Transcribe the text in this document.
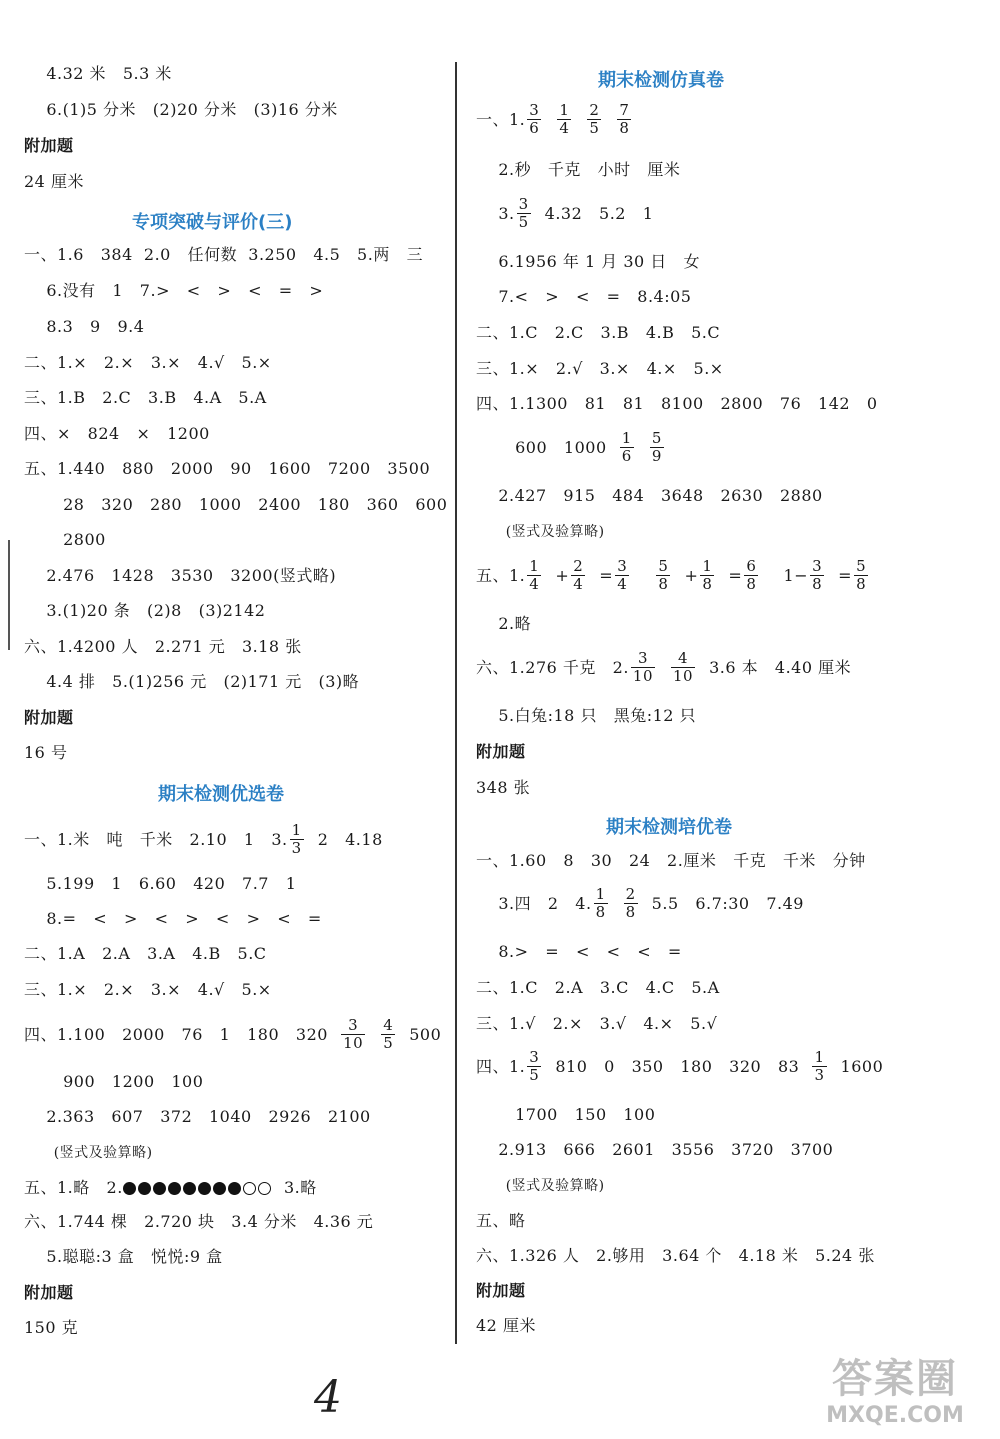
专项突破与评价(三)
期末检测优选卷
4.32 米   5.3 米
6.(1)5 分米   (2)20 分米   (3)16 分米
附加题
24 厘米
一、1.6   384  2.0   任何数  3.250   4.5   5.两   三
6.没有   1   7.>   <   >   <   =   >
8.3   9   9.4
二、1.×   2.×   3.×   4.√   5.×
三、1.B   2.C   3.B   4.A   5.A
四、×   824   ×   1200
五、1.440   880   2000   90   1600   7200   3500
28   320   280   1000   2400   180   360   600
2800
2.476   1428   3530   3200(竖式略)
3.(1)20 条   (2)8   (3)2142
六、1.4200 人   2.271 元   3.18 张
4.4 排   5.(1)256 元   (2)171 元   (3)略
附加题
16 号
一、1.米   吨   千米   2.10   1   3. $\frac{1}{3} 2$   4.18
5.199   1   6.60   420   7.7   1
8.=   <   >   <   >   <   >   <   =
二、1.A   2.A   3.A   4.B   5.C
三、1.×   2.×   3.×   4.√   5.×
四、1.100   2000   76   1   180   $320 \frac{3}{10} \frac{4}{5} 500$
900   1200   100
2.363   607   372   1040   2926   2100
(竖式及验算略)
五、1.略   2.	3.略
六、1.744 棵   2.720 块   3.4 分米   4.36 元
5.聪聪:3 盒   悦悦:9 盒
附加题
150 克
期末检测仿真卷
期末检测培优卷
一、1. $\frac{3}{6} \frac{1}{4} \frac{2}{5} \frac{7}{8}$
2.秒   千克   小时   厘米
3. $\frac{3}{5} 4.32$   5.2   1
6.1956 年 1 月 30 日   女
7.<   >   <   =   8.4:05
二、1.C   2.C   3.B   4.B   5.C
三、1.×   2.√   3.×   4.×   5.×
四、1.1300   81   81   8100   2800   76   142   0
600   $1000 \frac{1}{6} \frac{5}{9}$
2.427   915   484   3648   2630   2880
(竖式及验算略)
五、1. $\frac{1}{4} + \frac{2}{4} = \frac{3}{4}$
$\frac{5}{8} + \frac{1}{8} = \frac{6}{8} 1- \frac{3}{8} = \frac{5}{8}$
2.略
六、1.276 千克   2. $\frac{3}{10} \frac{4}{10} 3.6$ 本   4.40 厘米
5.白兔:18 只   黑兔:12 只
附加题
348 张
一、1.60   8   30   24   2.厘米   千克   千米   分钟
3.四   2   4. $\frac{1}{8} \frac{2}{8} 5.5$   6.7:30   7.49
8.>   =   <   <   <   =
二、1.C   2.A   3.C   4.C   5.A
三、1.√   2.×   3.√   4.×   5.√
四、1. $\frac{3}{5} 810$   0   350   180   320   $83 \frac{1}{3} 1600$
1700   150   100
2.913   666   2601   3556   3720   3700
(竖式及验算略)
五、略
六、1.326 人   2.够用   3.64 个   4.18 米   5.24 张
附加题
42 厘米
4	答案圈
MXQE.COM
